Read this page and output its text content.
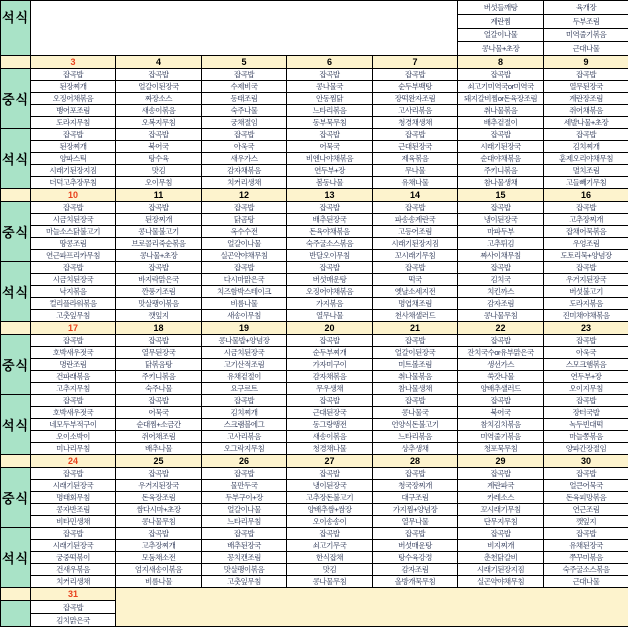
석식						버섯들깨탕	육개장
						계란찜	두부조림
						얼갈이나물	미역줄기볶음
						콩나물+초장	근대나물
	3	4	5	6	7	8	9
중식	잡곡밥	잡곡밥	잡곡밥	잡곡밥	잡곡밥	잡곡밥	잡곡밥
	된장찌개	얼갈이된장국	수제비국	콩나물국	순두부백탕	쇠고기미역국or미역국	열무된장국
	오징어채볶음	짜장소스	동태조림	안동찜닭	장떡완자조림	돼지갈비찜or돈육장조림	계란장조림
	뱅어포조림	새송이볶음	숙주나물	느타리볶음	고사리볶음	취나물볶음	쥐어채볶음
	도라지무침	오복지무침	궁채절임	동부묵무침	청경채생채	배추겉절이	세발나물+초장
석식	잡곡밥	잡곡밥	잡곡밥	잡곡밥	잡곡밥	잡곡밥	잡곡밥
	된장찌개	북어국	아욱국	어묵국	근대된장국	시래기된장국	김치찌개
	양파스틱	탕수육	새우가스	비엔나야채볶음	제육볶음	순대야채볶음	훈제오리야채무침
	시래기된장지짐	맛김	감자채볶음	연두부+장	무나물	주키니볶음	멸치조림
	더덕고추장무침	오이무침	치커리생채	봄동나물	유채나물	참나물생채	고들빼기무침
	10	11	12	13	14	15	16
중식	잡곡밥	잡곡밥	잡곡밥	잡곡밥	잡곡밥	잡곡밥	잡곡밥
	시금치된장국	된장찌개	닭곰탕	배추된장국	파송송계란국	냉이된장국	고추장찌개
	마늘소스닭불고기	콩나물불고기	옥수수전	돈육야채볶음	고등어조림	마파두부	잡채어묵볶음
	땅콩조림	브로콜리죽순볶음	얼갈이나물	숙주굴소스볶음	시래기된장지짐	고추튀김	우엉조림
	연근파프리카무침	콩나물+초장	실곤약야채무침	반달오이무침	꼬시래기무침	짜사이채무침	도토리묵+양념장
석식	잡곡밥	잡곡밥	잡곡밥	잡곡밥	잡곡밥	잡곡밥	잡곡밥
	시금치된장국	바지락맑은국	다시마맑은국	버섯매운탕	떡국	김치국	우거지된장국
	낙지볶음	깐풍기조림	치즈함박스테이크	오징어야채볶음	옛날소세지전	치킨까스	버섯불고기
	컬리플라워볶음	맛살팽이볶음	비름나물	가지볶음	명엽채조림	감자조림	도라지볶음
	고춧잎무침	깻잎지	새송이무침	열무나물	천사채샐러드	콩나물무침	진미채야채볶음
	17	18	19	20	21	22	23
중식	잡곡밥	잡곡밥	콩나물밥+양념장	잡곡밥	잡곡밥	잡곡밥	잡곡밥
	호박새우젓국	열무된장국	시금치된장국	순두부찌개	얼갈이된장국	잔치국수or유부맑은국	아욱국
	명란조림	닭볶음탕	고기산적조림	가자미구이	미트볼조림	생선가스	스모크햄볶음
	건파래볶음	주키니볶음	유채겉절이	감자채볶음	취나물볶음	쑥갓나물	연두부+장
	고추지무침	숙주나물	요구르트	무우생채	참나물생채	양배추샐러드	오이지무침
석식	잡곡밥	잡곡밥	잡곡밥	잡곡밥	잡곡밥	잡곡밥	잡곡밥
	호박새우젓국	어묵국	김치찌개	근대된장국	콩나물국	북어국	장터국밥
	네모두부적구이	순대찜+소금간	스크램블에그	동그랑땡전	언양식돈불고기	참치김치볶음	녹두빈대떡
	오이소박이	쥐어채조림	고사리볶음	새송이볶음	느타리볶음	미역줄기볶음	마늘쫑볶음
	미나리무침	배추나물	오그락지무침	청경채나물	상추생채	청포묵무침	양파간장절임
	24	25	26	27	28	29	30
중식	잡곡밥	잡곡밥	잡곡밥	잡곡밥	잡곡밥	잡곡밥	잡곡밥
	시래기된장국	우거지된장국	물만두국	냉이된장국	청국장찌개	계란파국	얼큰어묵국
	명태회무침	돈육장조림	두부구이+장	고추장돈불고기	대구조림	카레소스	돈육피망볶음
	콩자반조림	쌈다시마+초장	얼갈이나물	양배추쌈+쌈장	가지찜+양념장	꼬시래기무침	연근조림
	비타민생채	콩나물무침	느타리무침	오이송송이	열무나물	단무지무침	깻잎지
석식	잡곡밥	잡곡밥	잡곡밥	잡곡밥	잡곡밥	잡곡밥	잡곡밥
	시래기된장국	고추장찌개	배추된장국	쇠고기무국	버섯매운탕	비지찌개	유채된장국
	궁중떡볶이	모둠채소전	꽁치캔조림	한식잡채	탕수육강정	춘천닭갈비	쭈꾸미볶음
	건새우볶음	엄지새송이볶음	맛살팽이볶음	맛김	감자조림	시래기된장지짐	숙주굴소스볶음
	치커리생채	비름나물	고춧잎무침	콩나물무침	올방개묵무침	실곤약야채무침	근대나물
	31						
	잡곡밥						
	김치맑은국						
